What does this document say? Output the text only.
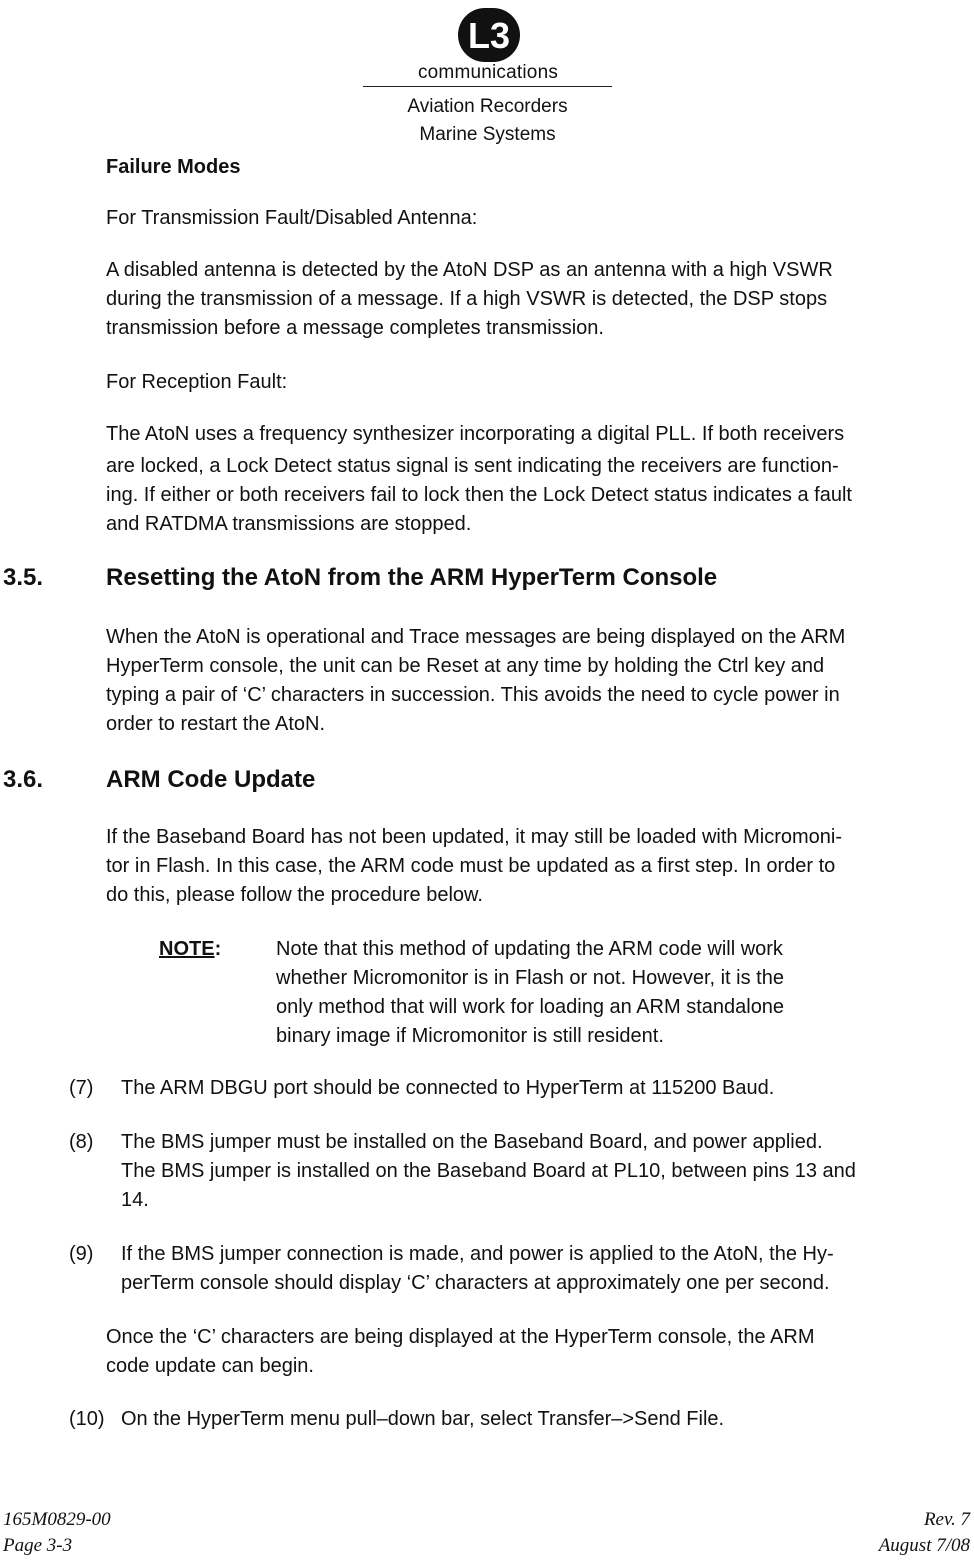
L3
communications
Aviation Recorders
Marine Systems
Failure Modes
For Transmission Fault/Disabled Antenna:
A disabled antenna is detected by the AtoN DSP as an antenna with a high VSWR
during the transmission of a message. If a high VSWR is detected, the DSP stops
transmission before a message completes transmission.
For Reception Fault:
The AtoN uses a frequency synthesizer incorporating a digital PLL. If both receivers
are locked, a Lock Detect status signal is sent indicating the receivers are function-
ing. If either or both receivers fail to lock then the Lock Detect status indicates a fault
and RATDMA transmissions are stopped.
3.5.	Resetting the AtoN from the ARM HyperTerm Console
When the AtoN is operational and Trace messages are being displayed on the ARM
HyperTerm console, the unit can be Reset at any time by holding the Ctrl key and
typing a pair of ‘C’ characters in succession. This avoids the need to cycle power in
order to restart the AtoN.
3.6.	ARM Code Update
If the Baseband Board has not been updated, it may still be loaded with Micromoni-
tor in Flash. In this case, the ARM code must be updated as a first step. In order to
do this, please follow the procedure below.
NOTE:	Note that this method of updating the ARM code will work
whether Micromonitor is in Flash or not. However, it is the
only method that will work for loading an ARM standalone
binary image if Micromonitor is still resident.
(7) The ARM DBGU port should be connected to HyperTerm at 115200 Baud.
(8) The BMS jumper must be installed on the Baseband Board, and power applied.
The BMS jumper is installed on the Baseband Board at PL10, between pins 13 and
14.
(9) If the BMS jumper connection is made, and power is applied to the AtoN, the Hy-
perTerm console should display ‘C’ characters at approximately one per second.
Once the ‘C’ characters are being displayed at the HyperTerm console, the ARM
code update can begin.
(10) On the HyperTerm menu pull–down bar, select Transfer–>Send File.
165M0829-00
Page 3-3
Rev. 7
August 7/08
